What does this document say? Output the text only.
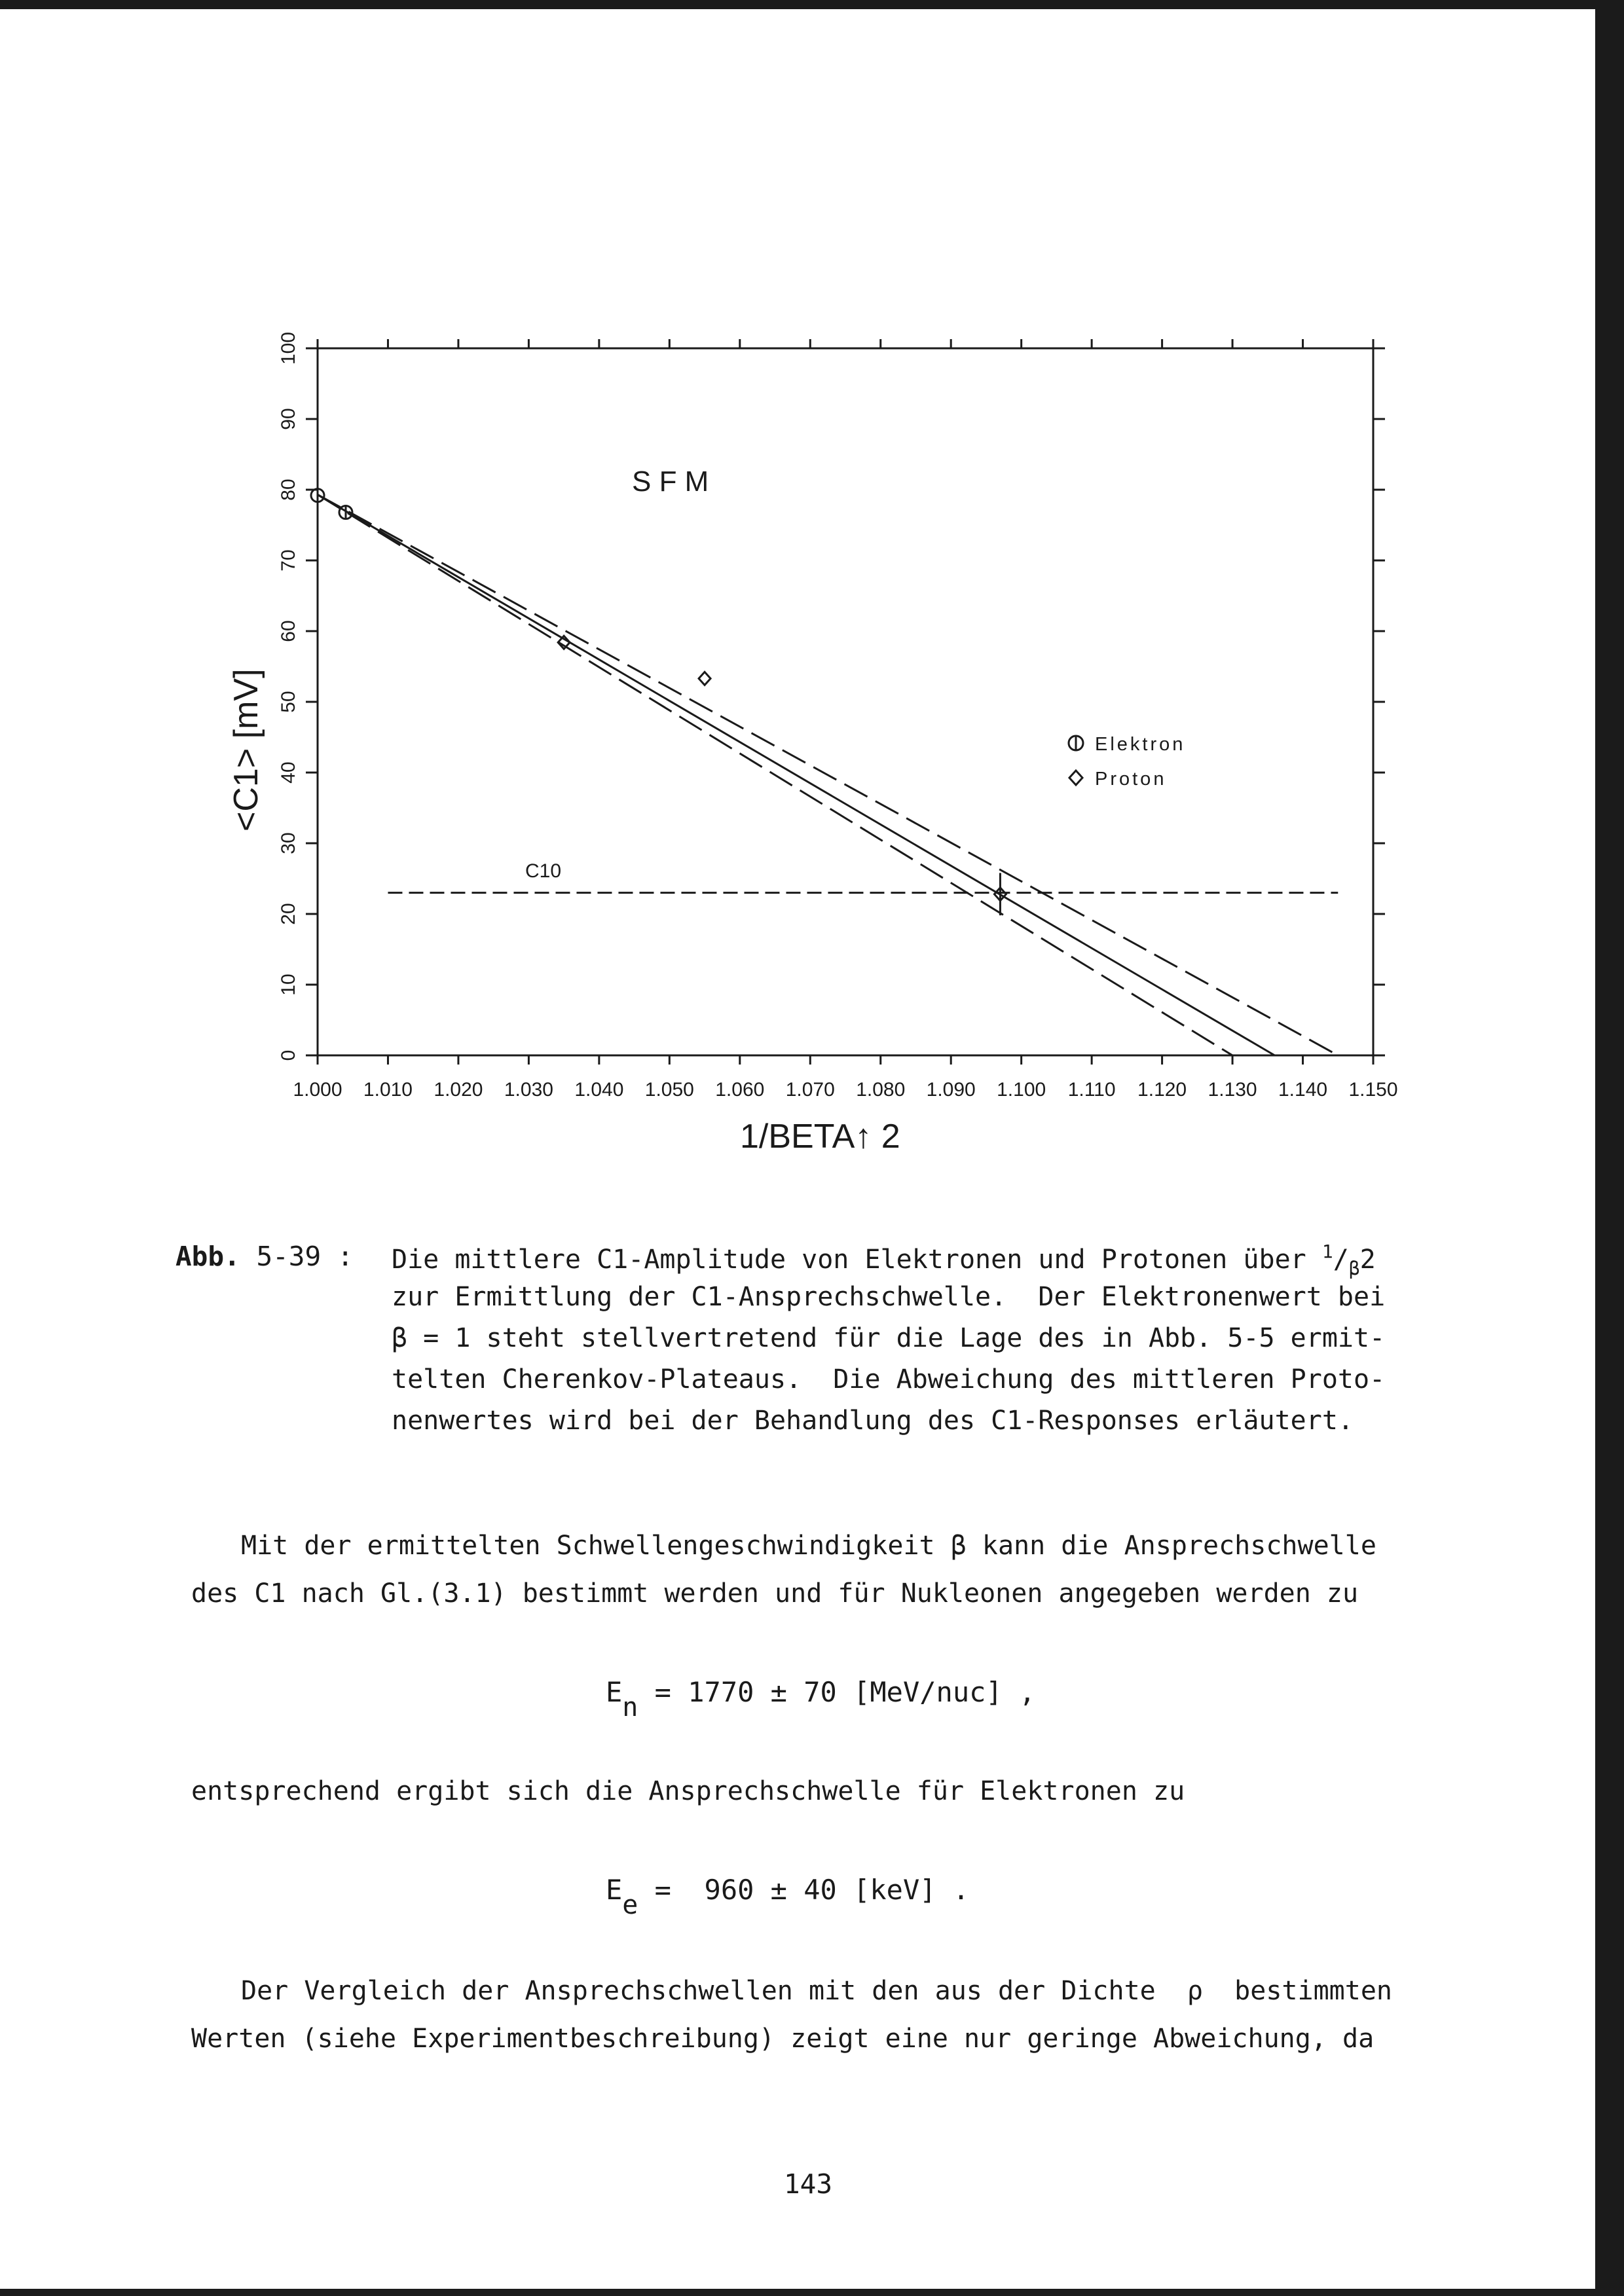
1.000 1.010 1.020 1.030 1.040 1.050 1.060 1.070 1.080 1.090 1.100 1.110 1.120 1.130 1.140 1.150
0
10
20
30
40
50
60
70
80
90
100
S F M
C10
1/BETA↑ 2
<C1> [mV]	Elektron
Proton
Abb. 5-39 : Die mittlere C1-Amplitude von Elektronen und Protonen über $^1/_\beta 2$
zur Ermittlung der C1-Ansprechschwelle.  Der Elektronenwert bei
β = 1 steht stellvertretend für die Lage des in Abb. 5-5 ermit-
telten Cherenkov-Plateaus.  Die Abweichung des mittleren Proto-
nenwertes wird bei der Behandlung des C1-Responses erläutert.
Mit der ermittelten Schwellengeschwindigkeit β kann die Ansprechschwelle
des C1 nach Gl.(3.1) bestimmt werden und für Nukleonen angegeben werden zu
$E_n = 1770 \pm 70$ [MeV/nuc] ,
entsprechend ergibt sich die Ansprechschwelle für Elektronen zu
$E_e = 960 \pm 40$ [keV] .
Der Vergleich der Ansprechschwellen mit den aus der Dichte  ρ  bestimmten
Werten (siehe Experimentbeschreibung) zeigt eine nur geringe Abweichung, da
143
